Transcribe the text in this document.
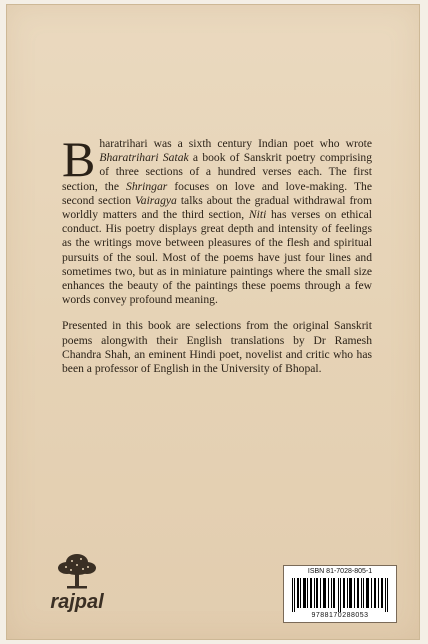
Bharatrihari was a sixth century Indian poet who wrote Bharatrihari Satak a book of Sanskrit poetry comprising of three sections of a hundred verses each. The first section, the Shringar focuses on love and love-making. The second section Vairagya talks about the gradual withdrawal from worldly matters and the third section, Niti has verses on ethical conduct. His poetry displays great depth and intensity of feelings as the writings move between pleasures of the flesh and spiritual pursuits of the soul. Most of the poems have just four lines and sometimes two, but as in miniature paintings where the small size enhances the beauty of the paintings these poems through a few words convey profound meaning.

Presented in this book are selections from the original Sanskrit poems alongwith their English translations by Dr Ramesh Chandra Shah, an eminent Hindi poet, novelist and critic who has been a professor of English in the University of Bhopal.

rajpal
ISBN 81-7028-805-1
9788170288053
